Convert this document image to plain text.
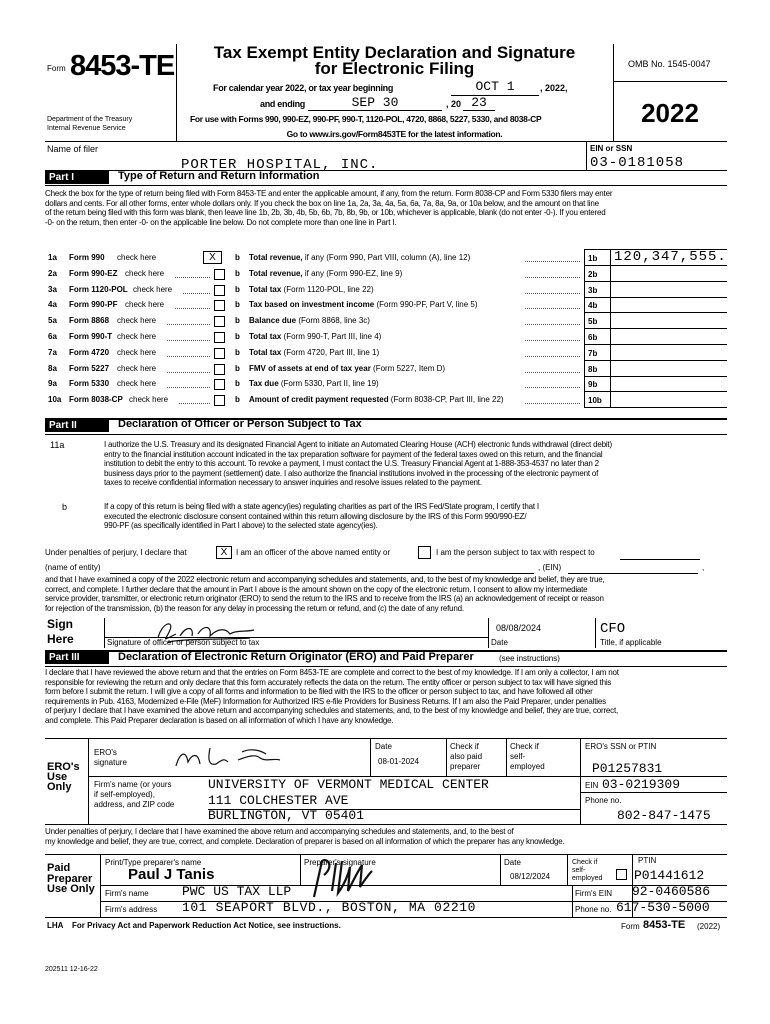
Form 8453-TE
Department of the Treasury
Internal Revenue Service
Tax Exempt Entity Declaration and Signature
for Electronic Filing
For calendar year 2022, or tax year beginning	OCT 1	, 2022,
and ending	SEP 30	, 20 23
For use with Forms 990, 990-EZ, 990-PF, 990-T, 1120-POL, 4720, 8868, 5227, 5330, and 8038-CP
Go to www.irs.gov/Form8453TE for the latest information.
OMB No. 1545-0047
2022
Name of filer
PORTER HOSPITAL, INC.
EIN or SSN
03-0181058
Part I	Type of Return and Return Information
Check the box for the type of return being filed with Form 8453-TE and enter the applicable amount, if any, from the return. Form 8038-CP and Form 5330 filers may enter
dollars and cents. For all other forms, enter whole dollars only. If you check the box on line 1a, 2a, 3a, 4a, 5a, 6a, 7a, 8a, 9a, or 10a below, and the amount on that line
of the return being filed with this form was blank, then leave line 1b, 2b, 3b, 4b, 5b, 6b, 7b, 8b, 9b, or 10b, whichever is applicable, blank (do not enter -0-). If you entered
-0- on the return, then enter -0- on the applicable line below. Do not complete more than one line in Part I.
1a Form 990 check here	X	b Total revenue, if any (Form 990, Part VIII, column (A), line 12)	1b 120,347,555.
2a Form 990-EZ check here	b Total revenue, if any (Form 990-EZ, line 9)	2b
3a Form 1120-POL check here	b Total tax (Form 1120-POL, line 22)	3b
4a Form 990-PF check here	b Tax based on investment income (Form 990-PF, Part V, line 5)	4b
5a Form 8868 check here	b Balance due (Form 8868, line 3c)	5b
6a Form 990-T check here	b Total tax (Form 990-T, Part III, line 4)	6b
7a Form 4720 check here	b Total tax (Form 4720, Part III, line 1)	7b
8a Form 5227 check here	b FMV of assets at end of tax year (Form 5227, Item D)	8b
9a Form 5330 check here	b Tax due (Form 5330, Part II, line 19)	9b
10a Form 8038-CP check here	b Amount of credit payment requested (Form 8038-CP, Part III, line 22)	10b
Part II	Declaration of Officer or Person Subject to Tax
11a	I authorize the U.S. Treasury and its designated Financial Agent to initiate an Automated Clearing House (ACH) electronic funds withdrawal (direct debit)
entry to the financial institution account indicated in the tax preparation software for payment of the federal taxes owed on this return, and the financial
institution to debit the entry to this account. To revoke a payment, I must contact the U.S. Treasury Financial Agent at 1-888-353-4537 no later than 2
business days prior to the payment (settlement) date. I also authorize the financial institutions involved in the processing of the electronic payment of
taxes to receive confidential information necessary to answer inquiries and resolve issues related to the payment.
b	If a copy of this return is being filed with a state agency(ies) regulating charities as part of the IRS Fed/State program, I certify that I
executed the electronic disclosure consent contained within this return allowing disclosure by the IRS of this Form 990/990-EZ/
990-PF (as specifically identified in Part I above) to the selected state agency(ies).
Under penalties of perjury, I declare that	X	I am an officer of the above named entity or	I am the person subject to tax with respect to
(name of entity)	, (EIN)	,
and that I have examined a copy of the 2022 electronic return and accompanying schedules and statements, and, to the best of my knowledge and belief, they are true,
correct, and complete. I further declare that the amount in Part I above is the amount shown on the copy of the electronic return. I consent to allow my intermediate
service provider, transmitter, or electronic return originator (ERO) to send the return to the IRS and to receive from the IRS (a) an acknowledgement of receipt or reason
for rejection of the transmission, (b) the reason for any delay in processing the return or refund, and (c) the date of any refund.
Sign
Here	Signature of officer or person subject to tax
08/08/2024
Date
CFO
Title, if applicable
Part III	Declaration of Electronic Return Originator (ERO) and Paid Preparer	(see instructions)
I declare that I have reviewed the above return and that the entries on Form 8453-TE are complete and correct to the best of my knowledge. If I am only a collector, I am not
responsible for reviewing the return and only declare that this form accurately reflects the data on the return. The entity officer or person subject to tax will have signed this
form before I submit the return. I will give a copy of all forms and information to be filed with the IRS to the officer or person subject to tax, and have followed all other
requirements in Pub. 4163, Modernized e-File (MeF) Information for Authorized IRS e-file Providers for Business Returns. If I am also the Paid Preparer, under penalties
of perjury I declare that I have examined the above return and accompanying schedules and statements, and, to the best of my knowledge and belief, they are true, correct,
and complete. This Paid Preparer declaration is based on all information of which I have any knowledge.
ERO's
Use
Only
ERO's
signature
Date
08-01-2024
Check if
also paid
preparer
Check if
self-
employed
ERO's SSN or PTIN
P01257831
Firm's name (or yours
if self-employed),
address, and ZIP code
UNIVERSITY OF VERMONT MEDICAL CENTER
111 COLCHESTER AVE
BURLINGTON, VT 05401
EIN 03-0219309
Phone no.
802-847-1475
Under penalties of perjury, I declare that I have examined the above return and accompanying schedules and statements, and, to the best of
my knowledge and belief, they are true, correct, and complete. Declaration of preparer is based on all information of which the preparer has any knowledge.
Paid
Preparer
Use Only
Print/Type preparer's name
Paul J Tanis
Preparer's signature	Date
08/12/2024
Check if
self-
employed
PTIN
P01441612
Firm's name	PWC US TAX LLP	Firm's EIN 92-0460586
Firm's address 101 SEAPORT BLVD., BOSTON, MA 02210	Phone no. 617-530-5000
LHA For Privacy Act and Paperwork Reduction Act Notice, see instructions.	Form 8453-TE (2022)
202511 12-16-22
